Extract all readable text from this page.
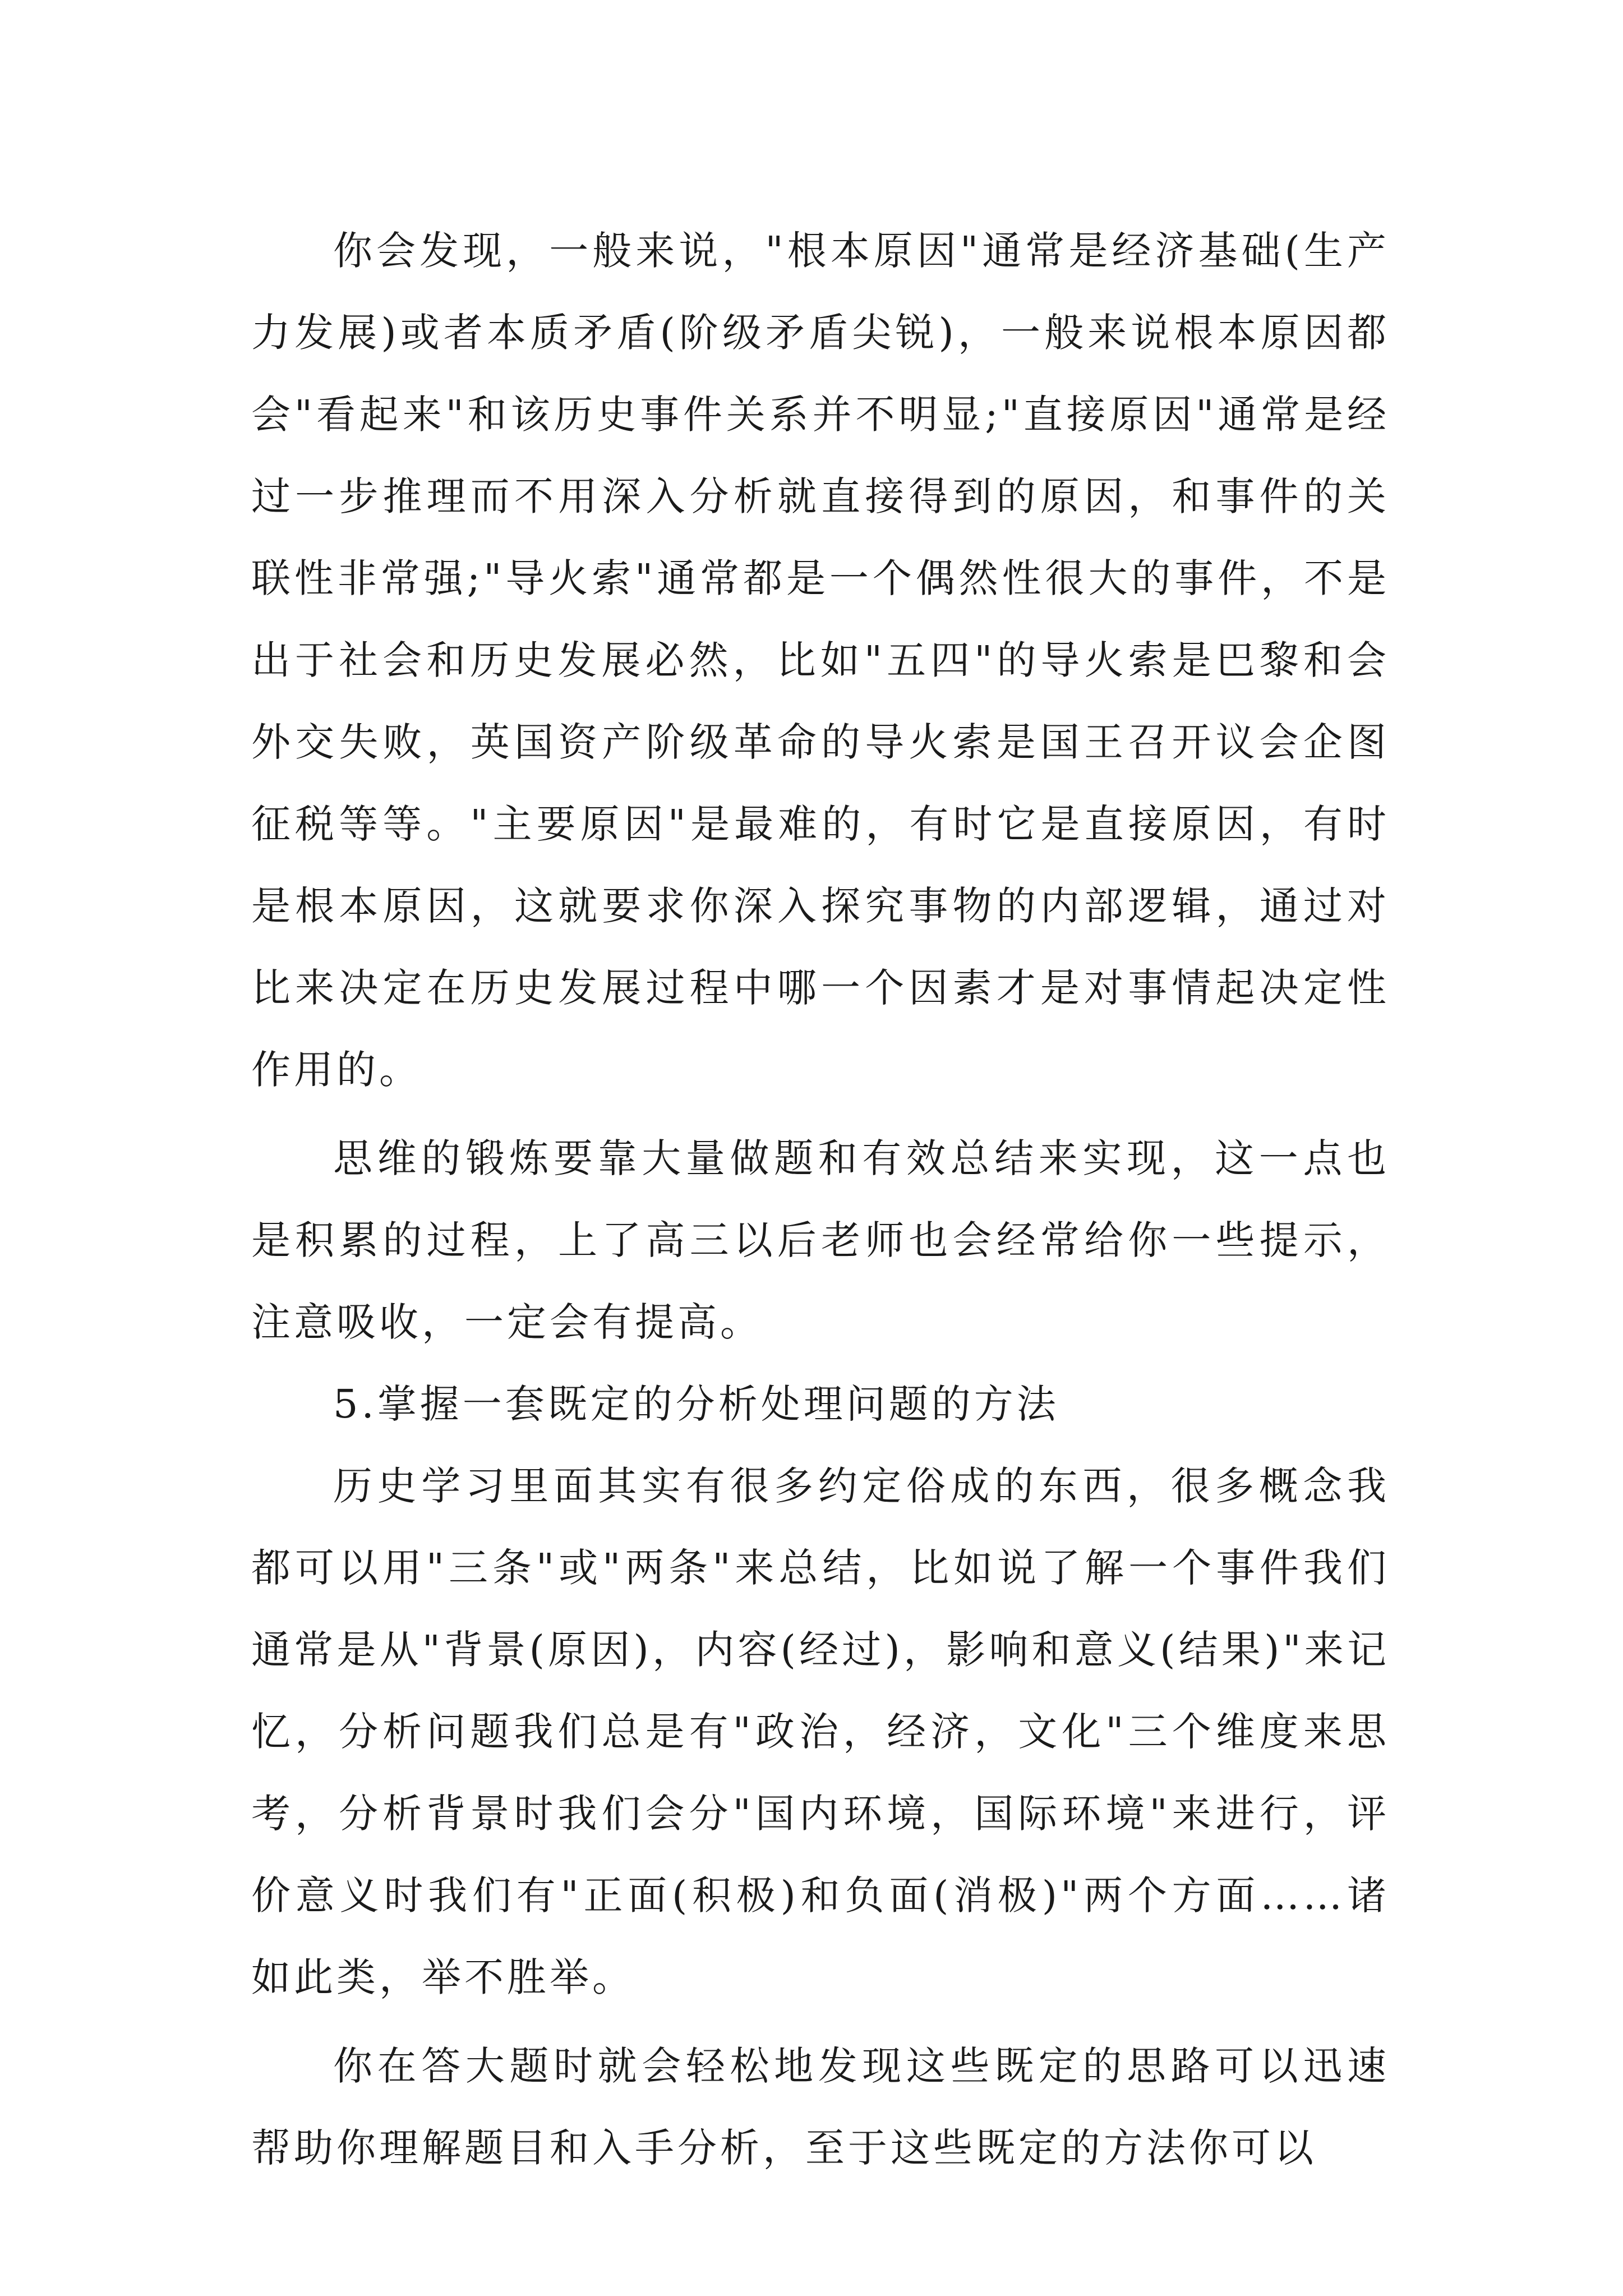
你会发现，一般来说，"根本原因"通常是经济基础(生产力发展)或者本质矛盾(阶级矛盾尖锐)，一般来说根本原因都会"看起来"和该历史事件关系并不明显;"直接原因"通常是经过一步推理而不用深入分析就直接得到的原因，和事件的关联性非常强;"导火索"通常都是一个偶然性很大的事件，不是出于社会和历史发展必然，比如"五四"的导火索是巴黎和会外交失败，英国资产阶级革命的导火索是国王召开议会企图征税等等。"主要原因"是最难的，有时它是直接原因，有时是根本原因，这就要求你深入探究事物的内部逻辑，通过对比来决定在历史发展过程中哪一个因素才是对事情起决定性作用的。

思维的锻炼要靠大量做题和有效总结来实现，这一点也是积累的过程，上了高三以后老师也会经常给你一些提示，注意吸收，一定会有提高。

5.掌握一套既定的分析处理问题的方法

历史学习里面其实有很多约定俗成的东西，很多概念我都可以用"三条"或"两条"来总结，比如说了解一个事件我们通常是从"背景(原因)，内容(经过)，影响和意义(结果)"来记忆，分析问题我们总是有"政治，经济，文化"三个维度来思考，分析背景时我们会分"国内环境，国际环境"来进行，评价意义时我们有"正面(积极)和负面(消极)"两个方面……诸如此类，举不胜举。

你在答大题时就会轻松地发现这些既定的思路可以迅速帮助你理解题目和入手分析，至于这些既定的方法你可以
